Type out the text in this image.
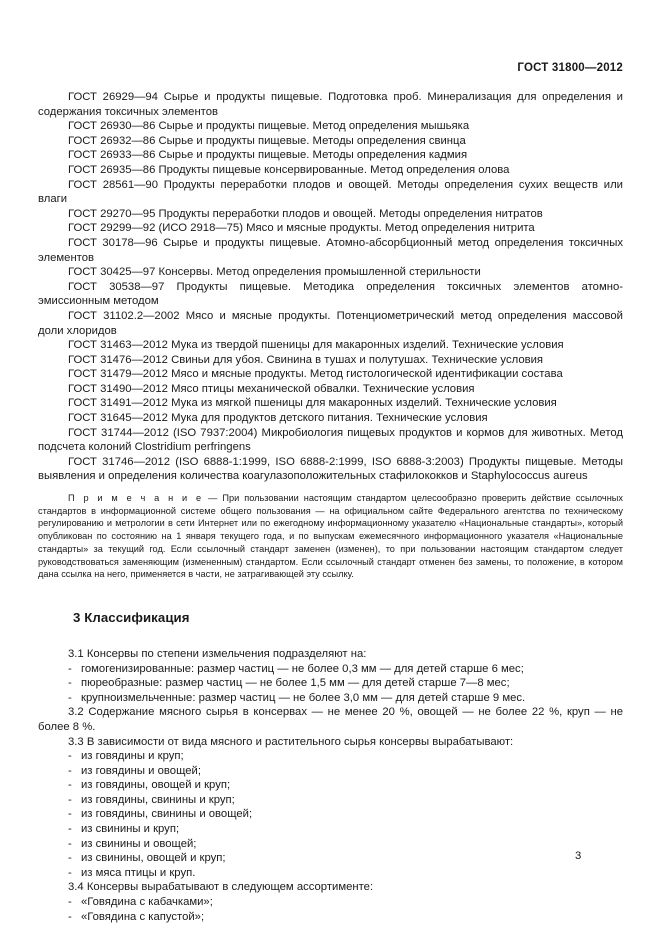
ГОСТ 31800—2012

ГОСТ 26929—94 Сырье и продукты пищевые. Подготовка проб. Минерализация для определения и содержания токсичных элементов

ГОСТ 26930—86 Сырье и продукты пищевые. Метод определения мышьяка

ГОСТ 26932—86 Сырье и продукты пищевые. Методы определения свинца

ГОСТ 26933—86 Сырье и продукты пищевые. Методы определения кадмия

ГОСТ 26935—86 Продукты пищевые консервированные. Метод определения олова

ГОСТ 28561—90 Продукты переработки плодов и овощей. Методы определения сухих веществ или влаги

ГОСТ 29270—95 Продукты переработки плодов и овощей. Методы определения нитратов

ГОСТ 29299—92 (ИСО 2918—75) Мясо и мясные продукты. Метод определения нитрита

ГОСТ 30178—96 Сырье и продукты пищевые. Атомно-абсорбционный метод определения токсичных элементов

ГОСТ 30425—97 Консервы. Метод определения промышленной стерильности

ГОСТ 30538—97 Продукты пищевые. Методика определения токсичных элементов атомно-эмиссионным методом

ГОСТ 31102.2—2002 Мясо и мясные продукты. Потенциометрический метод определения массовой доли хлоридов

ГОСТ 31463—2012 Мука из твердой пшеницы для макаронных изделий. Технические условия

ГОСТ 31476—2012 Свиньи для убоя. Свинина в тушах и полутушах. Технические условия

ГОСТ 31479—2012 Мясо и мясные продукты. Метод гистологической идентификации состава

ГОСТ 31490—2012 Мясо птицы механической обвалки. Технические условия

ГОСТ 31491—2012 Мука из мягкой пшеницы для макаронных изделий. Технические условия

ГОСТ 31645—2012 Мука для продуктов детского питания. Технические условия

ГОСТ 31744—2012 (ISO 7937:2004) Микробиология пищевых продуктов и кормов для животных. Метод подсчета колоний Clostridium perfringens

ГОСТ 31746—2012 (ISO 6888-1:1999, ISO 6888-2:1999, ISO 6888-3:2003) Продукты пищевые. Методы выявления и определения количества коагулазоположительных стафилококков и Staphylococcus aureus

П р и м е ч а н и е — При пользовании настоящим стандартом целесообразно проверить действие ссылочных стандартов в информационной системе общего пользования — на официальном сайте Федерального агентства по техническому регулированию и метрологии в сети Интернет или по ежегодному информационному указателю «Национальные стандарты», который опубликован по состоянию на 1 января текущего года, и по выпускам ежемесячного информационного указателя «Национальные стандарты» за текущий год. Если ссылочный стандарт заменен (изменен), то при пользовании настоящим стандартом следует руководствоваться заменяющим (измененным) стандартом. Если ссылочный стандарт отменен без замены, то положение, в котором дана ссылка на него, применяется в части, не затрагивающей эту ссылку.

3 Классификация

3.1 Консервы по степени измельчения подразделяют на:

- гомогенизированные: размер частиц — не более 0,3 мм — для детей старше 6 мес;

- пюреобразные: размер частиц — не более 1,5 мм — для детей старше 7—8 мес;

- крупноизмельченные: размер частиц — не более 3,0 мм — для детей старше 9 мес.

3.2 Содержание мясного сырья в консервах — не менее 20 %, овощей — не более 22 %, круп — не более 8 %.

3.3 В зависимости от вида мясного и растительного сырья консервы вырабатывают:

- из говядины и круп;

- из говядины и овощей;

- из говядины, овощей и круп;

- из говядины, свинины и круп;

- из говядины, свинины и овощей;

- из свинины и круп;

- из свинины и овощей;

- из свинины, овощей и круп;

- из мяса птицы и круп.

3.4 Консервы вырабатывают в следующем ассортименте:

- «Говядина с кабачками»;

- «Говядина с капустой»;

3
